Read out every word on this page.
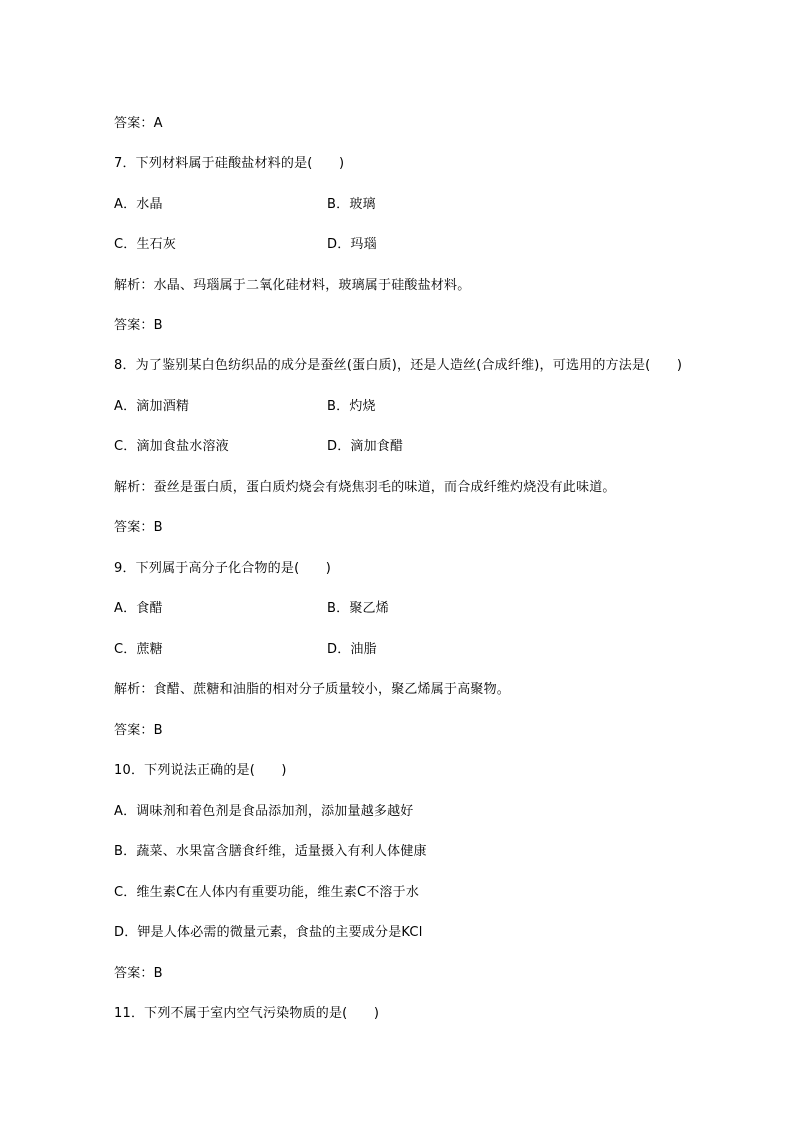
答案：A
7．下列材料属于硅酸盐材料的是(　　)
A．水晶	B．玻璃
C．生石灰	D．玛瑙
解析：水晶、玛瑙属于二氧化硅材料，玻璃属于硅酸盐材料。
答案：B
8．为了鉴别某白色纺织品的成分是蚕丝(蛋白质)，还是人造丝(合成纤维)，可选用的方法是(　　)
A．滴加酒精	B．灼烧
C．滴加食盐水溶液	D．滴加食醋
解析：蚕丝是蛋白质，蛋白质灼烧会有烧焦羽毛的味道，而合成纤维灼烧没有此味道。
答案：B
9．下列属于高分子化合物的是(　　)
A．食醋	B．聚乙烯
C．蔗糖	D．油脂
解析：食醋、蔗糖和油脂的相对分子质量较小，聚乙烯属于高聚物。
答案：B
10．下列说法正确的是(　　)
A．调味剂和着色剂是食品添加剂，添加量越多越好
B．蔬菜、水果富含膳食纤维，适量摄入有利人体健康
C．维生素C在人体内有重要功能，维生素C不溶于水
D．钾是人体必需的微量元素，食盐的主要成分是KCl
答案：B
11．下列不属于室内空气污染物质的是(　　)
